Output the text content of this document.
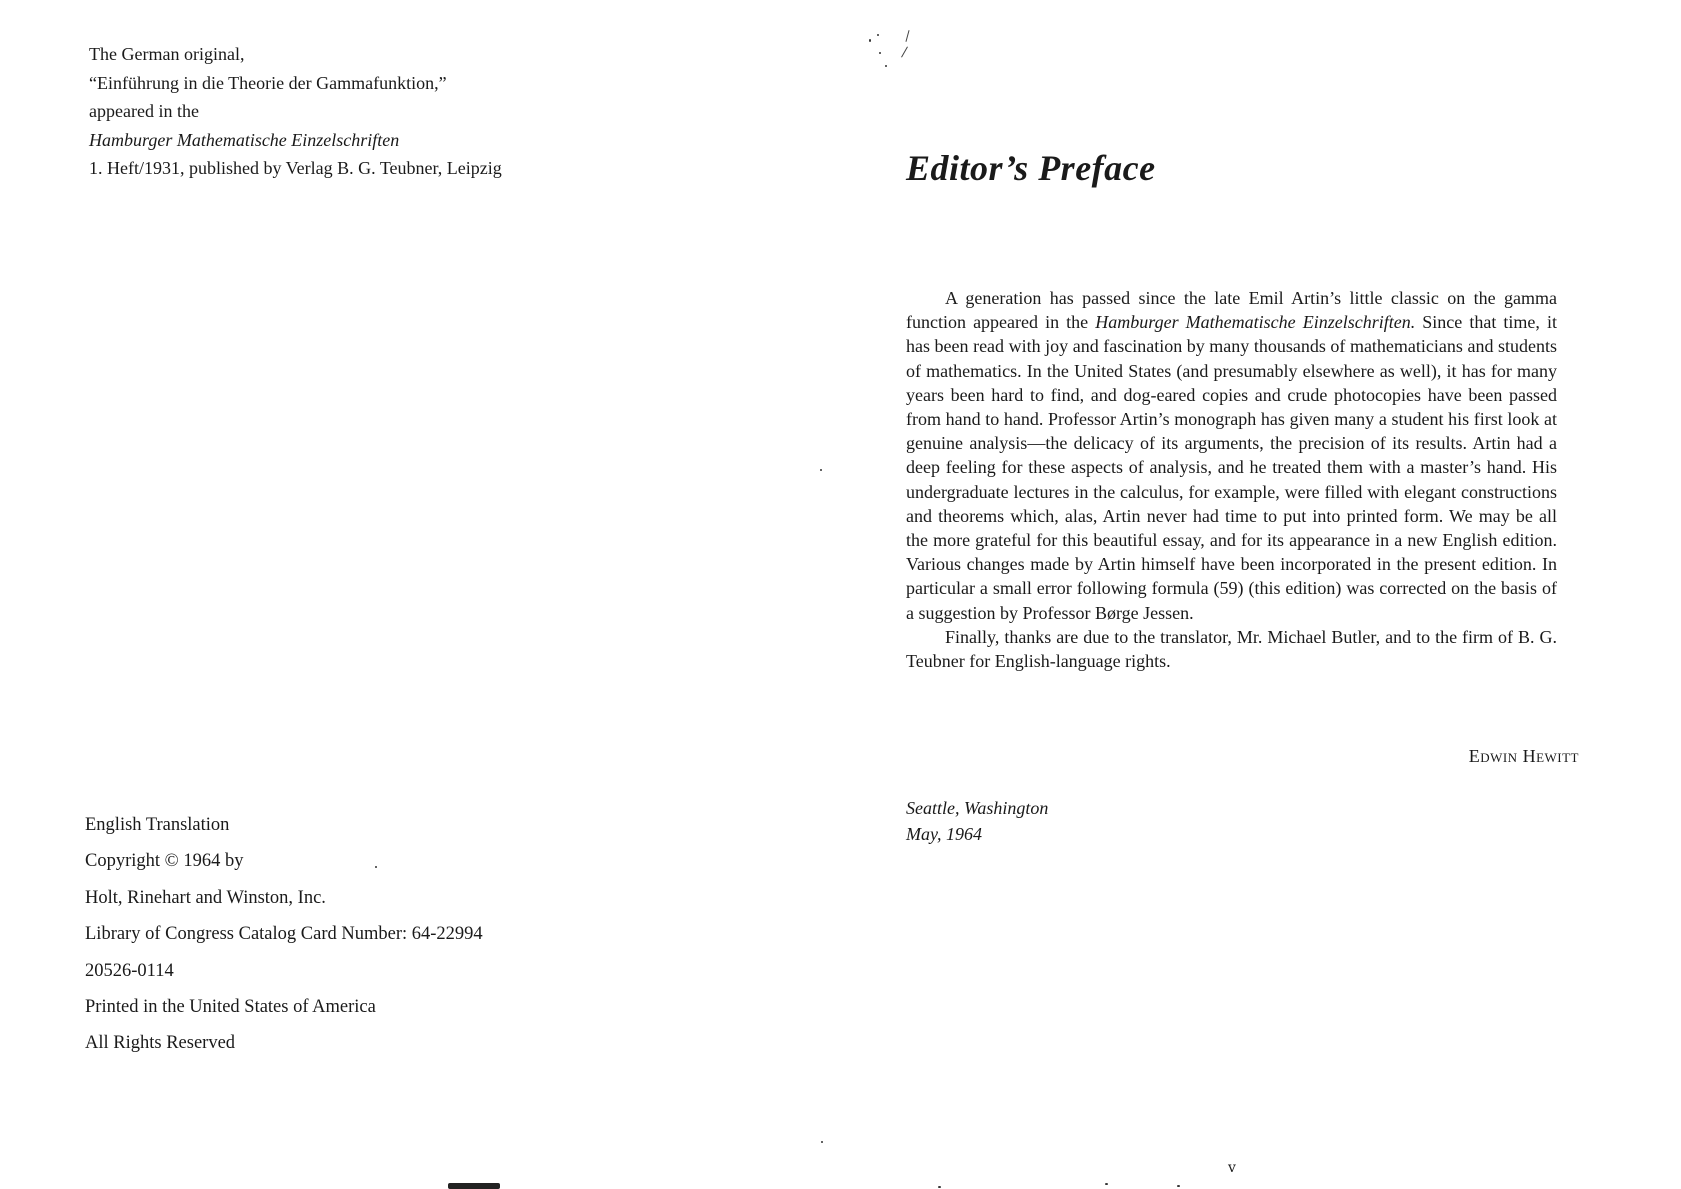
The German original,
“Einführung in die Theorie der Gammafunktion,”
appeared in the
Hamburger Mathematische Einzelschriften
1. Heft/1931, published by Verlag B. G. Teubner, Leipzig
English Translation
Copyright © 1964 by
Holt, Rinehart and Winston, Inc.
Library of Congress Catalog Card Number: 64-22994
20526-0114
Printed in the United States of America
All Rights Reserved
Editor’s Preface

A generation has passed since the late Emil Artin’s little classic on the gamma function appeared in the Hamburger Mathematische Einzelschriften. Since that time, it has been read with joy and fascination by many thousands of mathematicians and students of mathematics. In the United States (and presumably elsewhere as well), it has for many years been hard to find, and dog-eared copies and crude photocopies have been passed from hand to hand. Professor Artin’s monograph has given many a student his first look at genuine analysis—the delicacy of its arguments, the precision of its results. Artin had a deep feeling for these aspects of analysis, and he treated them with a master’s hand. His undergraduate lectures in the calculus, for example, were filled with elegant constructions and theorems which, alas, Artin never had time to put into printed form. We may be all the more grateful for this beautiful essay, and for its appearance in a new English edition. Various changes made by Artin himself have been incorporated in the present edition. In particular a small error following formula (59) (this edition) was corrected on the basis of a suggestion by Professor Børge Jessen.

Finally, thanks are due to the translator, Mr. Michael Butler, and to the firm of B. G. Teubner for English-language rights.

Edwin Hewitt
Seattle, Washington
May, 1964
v
